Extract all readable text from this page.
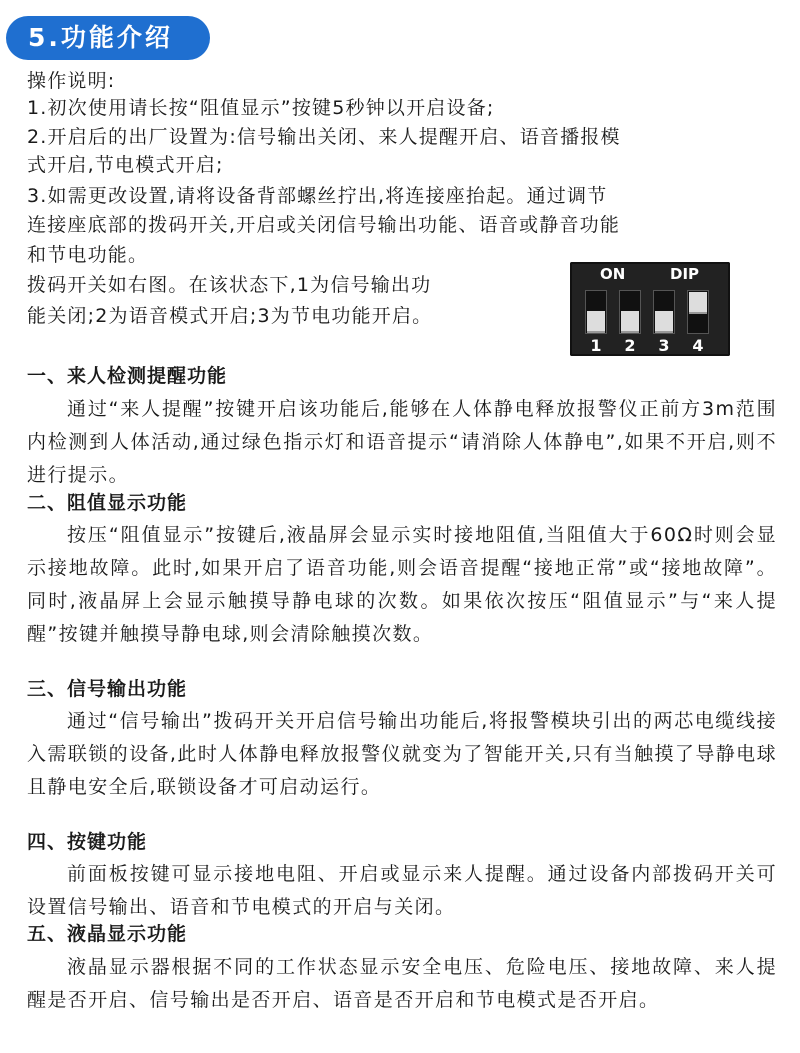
5.功能介绍

操作说明:

1.初次使用请长按“阻值显示”按键5秒钟以开启设备;

2.开启后的出厂设置为:信号输出关闭、来人提醒开启、语音播报模

式开启,节电模式开启;

3.如需更改设置,请将设备背部螺丝拧出,将连接座抬起。通过调节

连接座底部的拨码开关,开启或关闭信号输出功能、语音或静音功能

和节电功能。

拨码开关如右图。在该状态下,1为信号输出功

能关闭;2为语音模式开启;3为节电功能开启。

ON	DIP
1	2	3	4

一、来人检测提醒功能

通过“来人提醒”按键开启该功能后,能够在人体静电释放报警仪正前方3m范围内检测到人体活动,通过绿色指示灯和语音提示“请消除人体静电”,如果不开启,则不进行提示。

二、阻值显示功能

按压“阻值显示”按键后,液晶屏会显示实时接地阻值,当阻值大于60Ω时则会显示接地故障。此时,如果开启了语音功能,则会语音提醒“接地正常”或“接地故障”。同时,液晶屏上会显示触摸导静电球的次数。如果依次按压“阻值显示”与“来人提醒”按键并触摸导静电球,则会清除触摸次数。

三、信号输出功能

通过“信号输出”拨码开关开启信号输出功能后,将报警模块引出的两芯电缆线接入需联锁的设备,此时人体静电释放报警仪就变为了智能开关,只有当触摸了导静电球且静电安全后,联锁设备才可启动运行。

四、按键功能

前面板按键可显示接地电阻、开启或显示来人提醒。通过设备内部拨码开关可设置信号输出、语音和节电模式的开启与关闭。

五、液晶显示功能

液晶显示器根据不同的工作状态显示安全电压、危险电压、接地故障、来人提醒是否开启、信号输出是否开启、语音是否开启和节电模式是否开启。
